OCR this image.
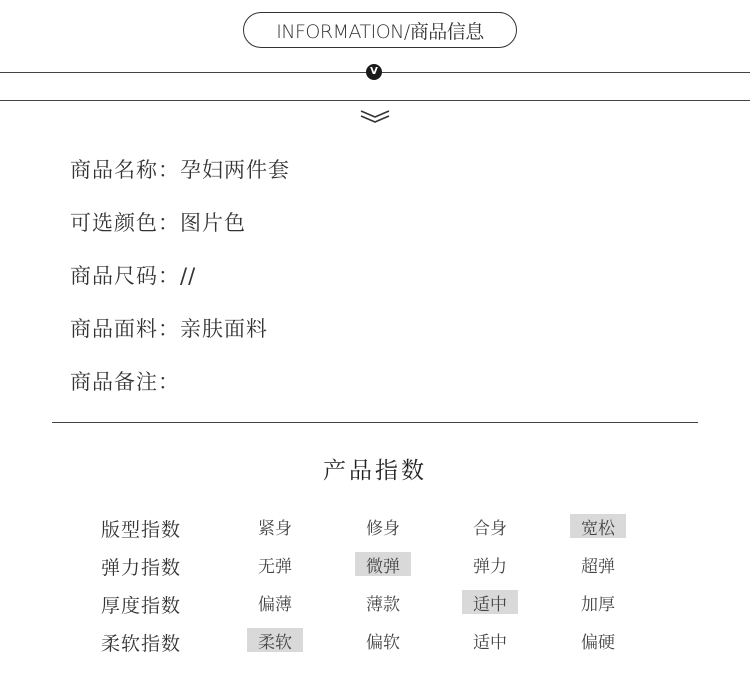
INFORMATION/商品信息
V
商品名称：孕妇两件套
可选颜色：图片色
商品尺码：//
商品面料：亲肤面料
商品备注：
产品指数
版型指数	紧身	修身	合身	宽松
弹力指数	无弹	微弹	弹力	超弹
厚度指数	偏薄	薄款	适中	加厚
柔软指数	柔软	偏软	适中	偏硬
